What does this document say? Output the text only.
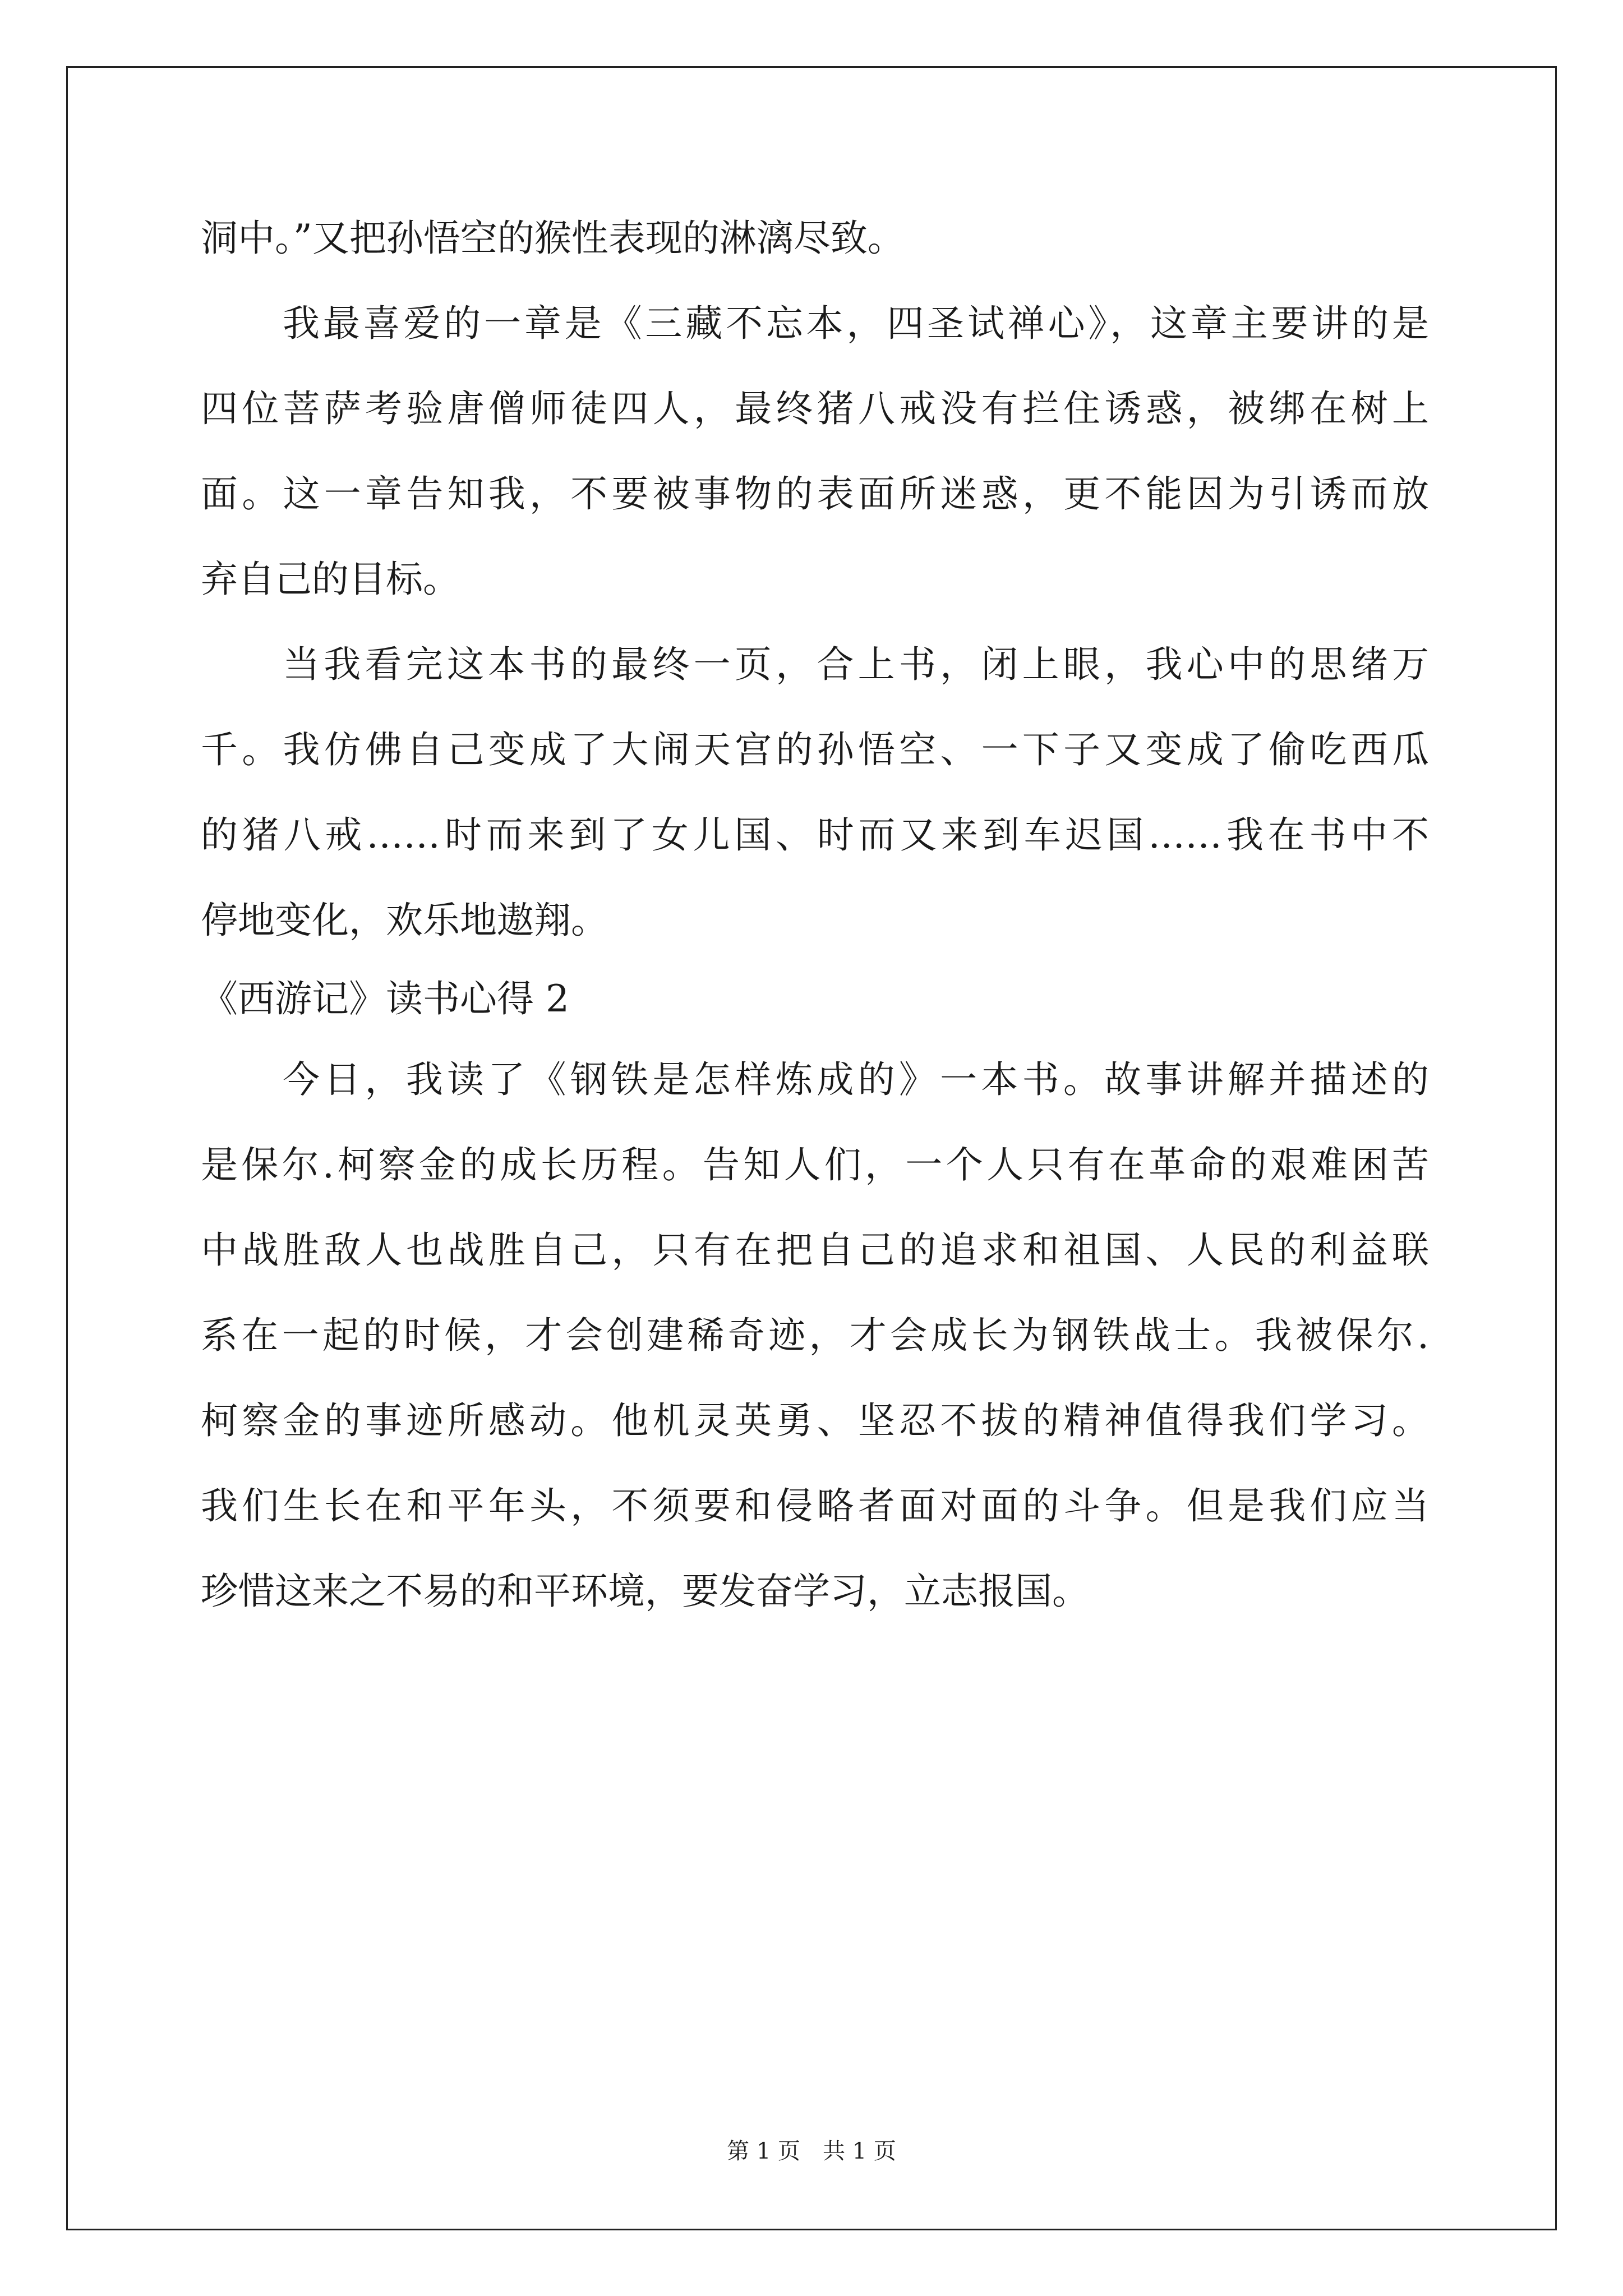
洞中。”又把孙悟空的猴性表现的淋漓尽致。
我最喜爱的一章是《三藏不忘本，四圣试禅心》，这章主要讲的是
四位菩萨考验唐僧师徒四人，最终猪八戒没有拦住诱惑，被绑在树上
面。这一章告知我，不要被事物的表面所迷惑，更不能因为引诱而放
弃自己的目标。
当我看完这本书的最终一页，合上书，闭上眼，我心中的思绪万
千。我仿佛自己变成了大闹天宫的孙悟空、一下子又变成了偷吃西瓜
的猪八戒……时而来到了女儿国、时而又来到车迟国……我在书中不
停地变化，欢乐地遨翔。
《西游记》读书心得 2
今日，我读了《钢铁是怎样炼成的》一本书。故事讲解并描述的
是保尔.柯察金的成长历程。告知人们，一个人只有在革命的艰难困苦
中战胜敌人也战胜自己，只有在把自己的追求和祖国、人民的利益联
系在一起的时候，才会创建稀奇迹，才会成长为钢铁战士。我被保尔.
柯察金的事迹所感动。他机灵英勇、坚忍不拔的精神值得我们学习。
我们生长在和平年头，不须要和侵略者面对面的斗争。但是我们应当
珍惜这来之不易的和平环境，要发奋学习，立志报国。
第 1 页　共 1 页
